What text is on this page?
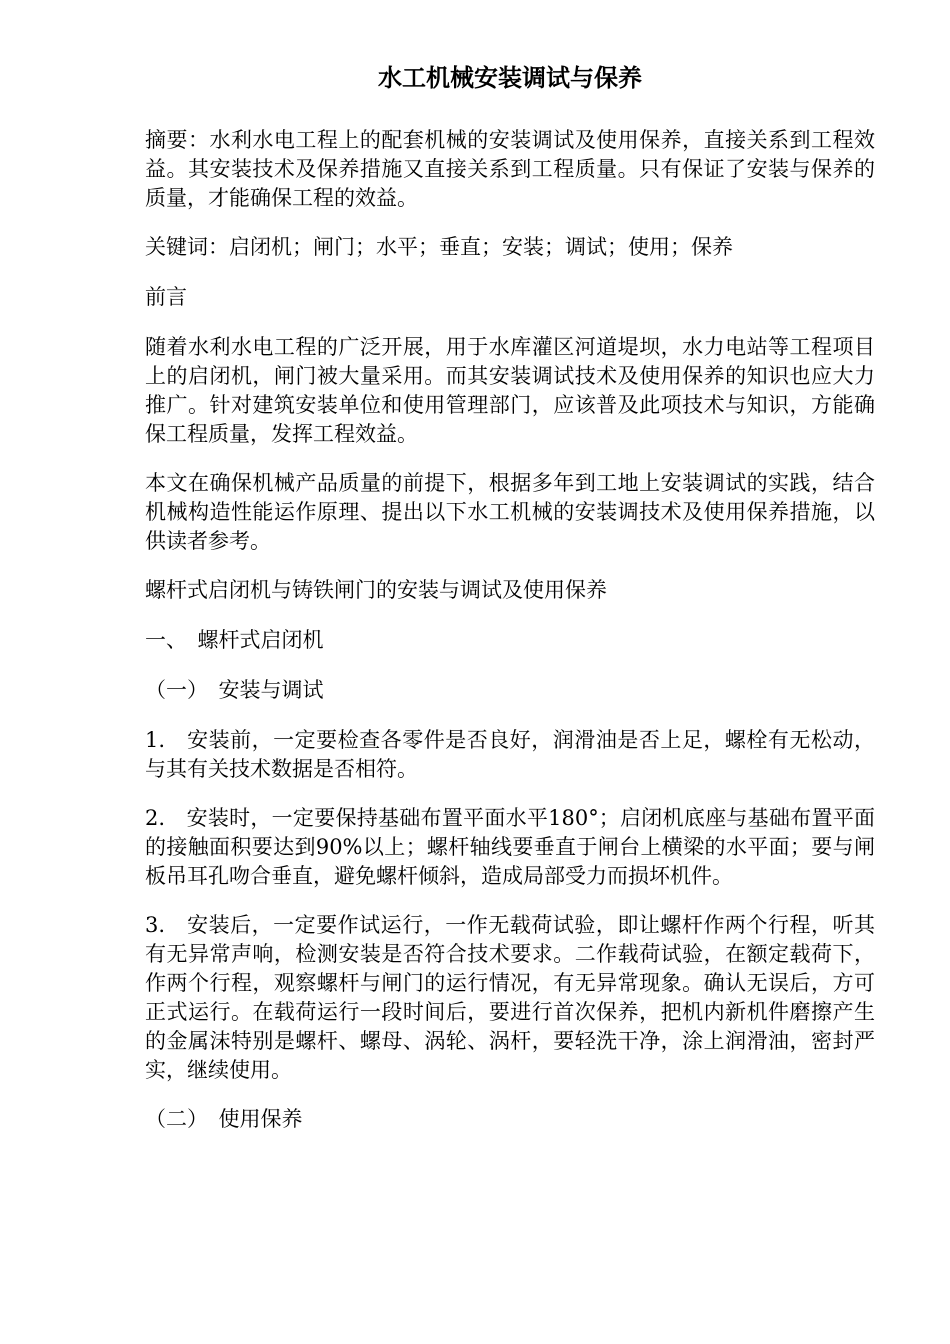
水工机械安装调试与保养

摘要：水利水电工程上的配套机械的安装调试及使用保养，直接关系到工程效益。其安装技术及保养措施又直接关系到工程质量。只有保证了安装与保养的质量，才能确保工程的效益。

关键词：启闭机；闸门；水平；垂直；安装；调试；使用；保养

前言

随着水利水电工程的广泛开展，用于水库灌区河道堤坝，水力电站等工程项目上的启闭机，闸门被大量采用。而其安装调试技术及使用保养的知识也应大力推广。针对建筑安装单位和使用管理部门，应该普及此项技术与知识，方能确保工程质量，发挥工程效益。

本文在确保机械产品质量的前提下，根据多年到工地上安装调试的实践，结合机械构造性能运作原理、提出以下水工机械的安装调技术及使用保养措施，以供读者参考。

螺杆式启闭机与铸铁闸门的安装与调试及使用保养

一、　螺杆式启闭机

（一）　安装与调试

1.　安装前，一定要检查各零件是否良好，润滑油是否上足，螺栓有无松动，与其有关技术数据是否相符。

2.　安装时，一定要保持基础布置平面水平180°；启闭机底座与基础布置平面的接触面积要达到90%以上；螺杆轴线要垂直于闸台上横梁的水平面；要与闸板吊耳孔吻合垂直，避免螺杆倾斜，造成局部受力而损坏机件。

3.　安装后，一定要作试运行，一作无载荷试验，即让螺杆作两个行程，听其有无异常声响，检测安装是否符合技术要求。二作载荷试验，在额定载荷下，作两个行程，观察螺杆与闸门的运行情况，有无异常现象。确认无误后，方可正式运行。在载荷运行一段时间后，要进行首次保养，把机内新机件磨擦产生的金属沫特别是螺杆、螺母、涡轮、涡杆，要轻洗干净，涂上润滑油，密封严实，继续使用。

（二）　使用保养
